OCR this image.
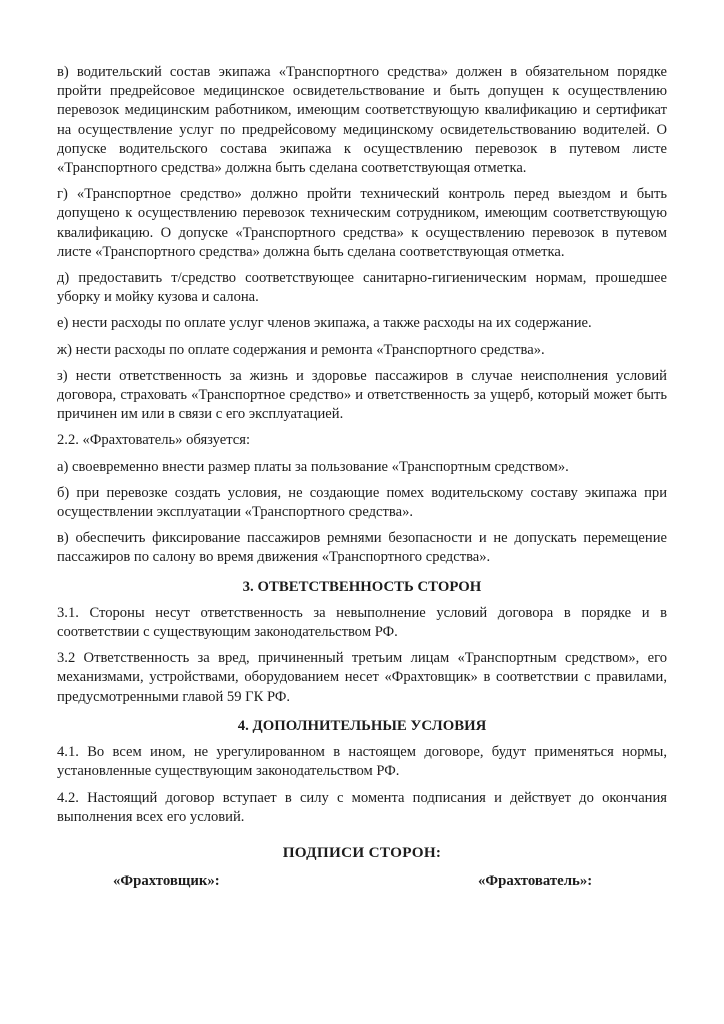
в) водительский состав экипажа «Транспортного средства» должен в обязательном порядке пройти предрейсовое медицинское освидетельствование и быть допущен к осуществлению перевозок медицинским работником, имеющим соответствующую квалификацию и сертификат на осуществление услуг по предрейсовому медицинскому освидетельствованию водителей. О допуске водительского состава экипажа к осуществлению перевозок в путевом листе «Транспортного средства» должна быть сделана соответствующая отметка.

г) «Транспортное средство» должно пройти технический контроль перед выездом и быть допущено к осуществлению перевозок техническим сотрудником, имеющим соответствующую квалификацию. О допуске «Транспортного средства» к осуществлению перевозок в путевом листе «Транспортного средства» должна быть сделана соответствующая отметка.

д) предоставить т/средство соответствующее санитарно-гигиеническим нормам, прошедшее уборку и мойку кузова и салона.

е) нести расходы по оплате услуг членов экипажа, а также расходы на их содержание.

ж) нести расходы по оплате содержания и ремонта «Транспортного средства».

з) нести ответственность за жизнь и здоровье пассажиров в случае неисполнения условий договора, страховать «Транспортное средство» и ответственность за ущерб, который может быть причинен им или в связи с его эксплуатацией.

2.2. «Фрахтователь» обязуется:

а) своевременно внести размер платы за пользование «Транспортным средством».

б) при перевозке создать условия, не создающие помех водительскому составу экипажа при осуществлении эксплуатации «Транспортного средства».

в) обеспечить фиксирование пассажиров ремнями безопасности и не допускать перемещение пассажиров по салону во время движения «Транспортного средства».

3. ОТВЕТСТВЕННОСТЬ СТОРОН

3.1. Стороны несут ответственность за невыполнение условий договора в порядке и в соответствии с существующим законодательством РФ.

3.2 Ответственность за вред, причиненный третьим лицам «Транспортным средством», его механизмами, устройствами, оборудованием несет «Фрахтовщик» в соответствии с правилами, предусмотренными главой 59 ГК РФ.

4. ДОПОЛНИТЕЛЬНЫЕ УСЛОВИЯ

4.1. Во всем ином, не урегулированном в настоящем договоре, будут применяться нормы, установленные существующим законодательством РФ.

4.2. Настоящий договор вступает в силу с момента подписания и действует до окончания выполнения всех его условий.

ПОДПИСИ СТОРОН:

«Фрахтовщик»:	«Фрахтователь»:
